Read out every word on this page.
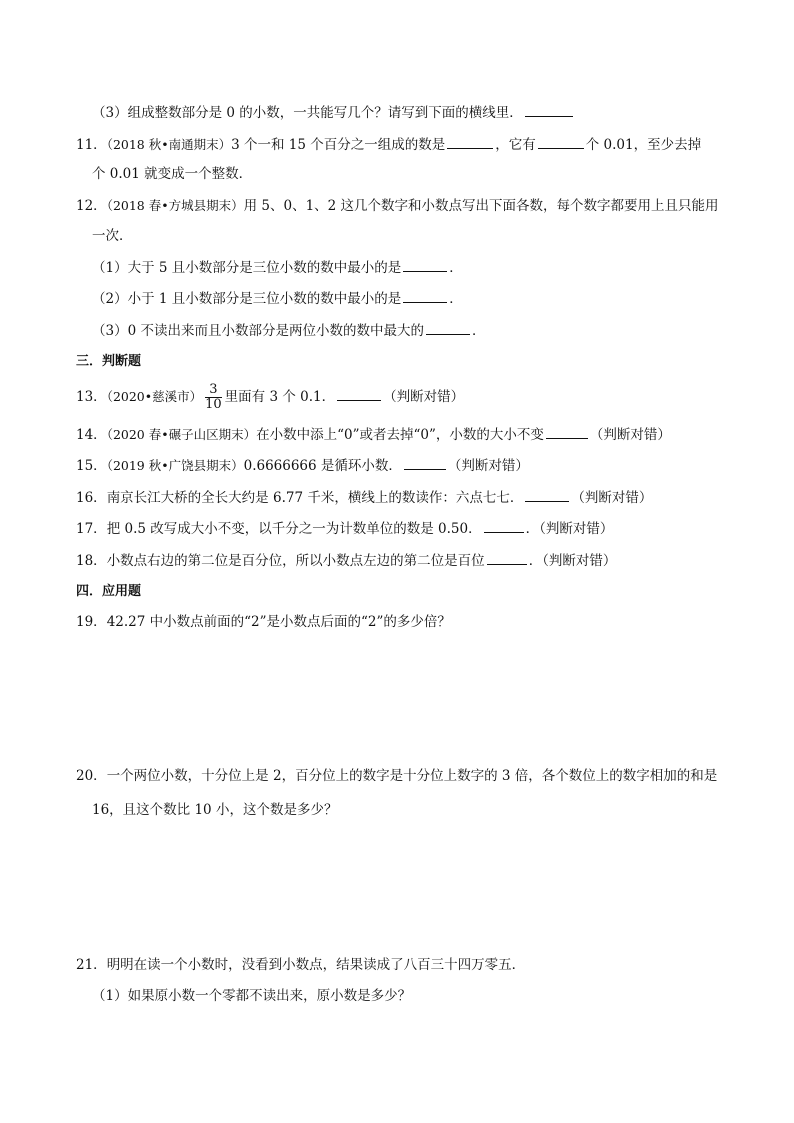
（3）组成整数部分是 0 的小数，一共能写几个？请写到下面的横线里．
11．（2018 秋•南通期末）3 个一和 15 个百分之一组成的数是	，它有	个 0.01，至少去掉
个 0.01 就变成一个整数．
12．（2018 春•方城县期末）用 5、0、1、2 这几个数字和小数点写出下面各数，每个数字都要用上且只能用
一次．
（1）大于 5 且小数部分是三位小数的数中最小的是	．
（2）小于 1 且小数部分是三位小数的数中最小的是	．
（3）0 不读出来而且小数部分是两位小数的数中最大的	．
三．判断题
13．（2020•慈溪市） $\frac{3}{10}$ 里面有 3 个 0.1．	（判断对错）
14．（2020 春•碾子山区期末）在小数中添上“0”或者去掉“0”，小数的大小不变	（判断对错）
15．（2019 秋•广饶县期末）0.6666666 是循环小数．	（判断对错）
16．南京长江大桥的全长大约是 6.77 千米，横线上的数读作：六点七七．	（判断对错）
17．把 0.5 改写成大小不变，以千分之一为计数单位的数是 0.50．	．（判断对错）
18．小数点右边的第二位是百分位，所以小数点左边的第二位是百位	．（判断对错）
四．应用题
19．42.27 中小数点前面的“2”是小数点后面的“2”的多少倍？
20．一个两位小数，十分位上是 2，百分位上的数字是十分位上数字的 3 倍，各个数位上的数字相加的和是
16，且这个数比 10 小，这个数是多少？
21．明明在读一个小数时，没看到小数点，结果读成了八百三十四万零五．
（1）如果原小数一个零都不读出来，原小数是多少？
